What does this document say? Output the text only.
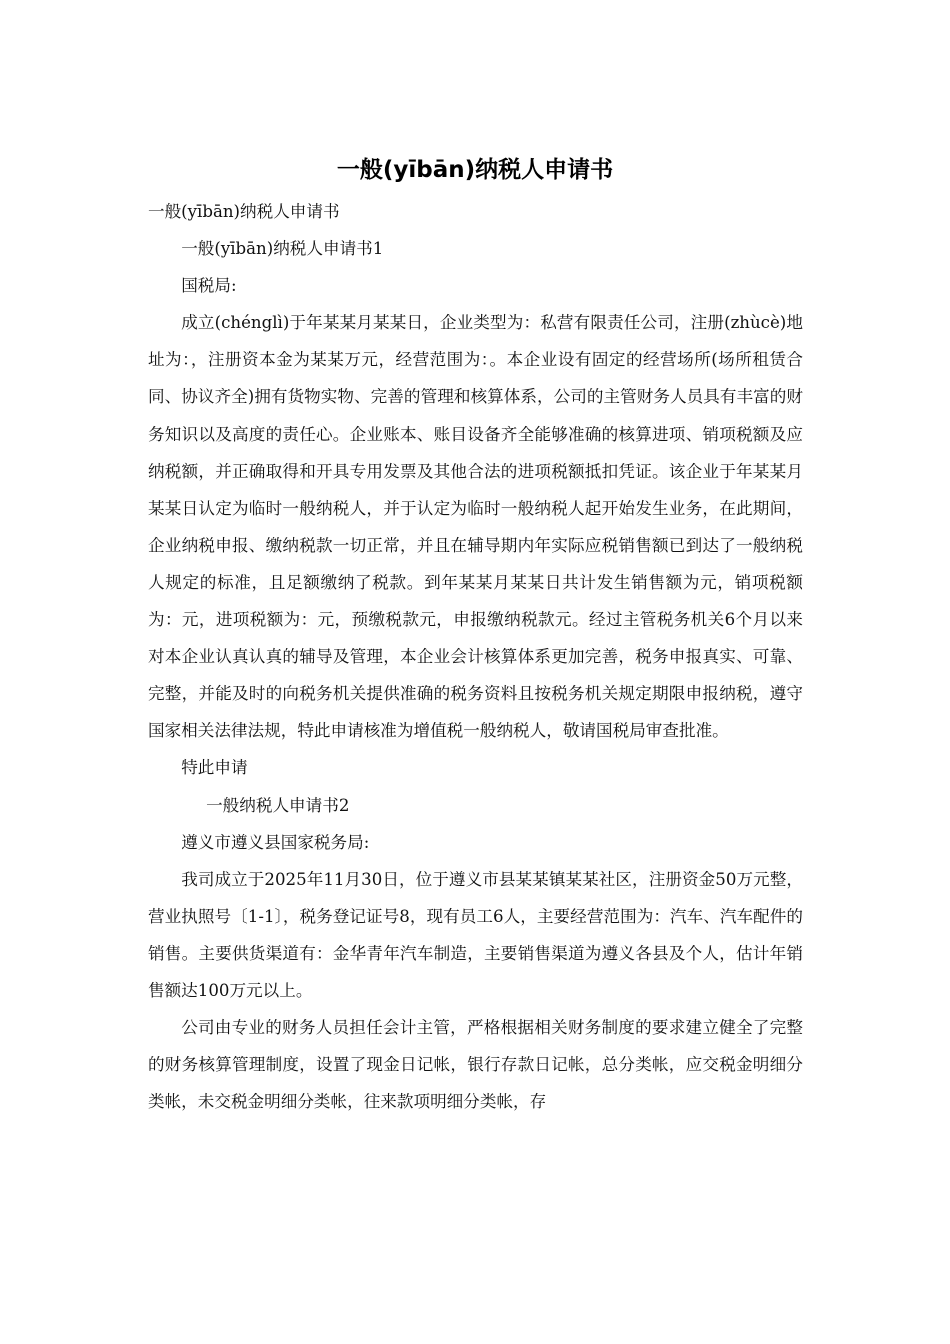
一般(yībān)纳税人申请书

一般(yībān)纳税人申请书

一般(yībān)纳税人申请书1

国税局:

成立(chénglì)于年某某月某某日，企业类型为：私营有限责任公司，注册(zhùcè)地址为：，注册资本金为某某万元，经营范围为：。本企业设有固定的经营场所(场所租赁合同、协议齐全)拥有货物实物、完善的管理和核算体系，公司的主管财务人员具有丰富的财务知识以及高度的责任心。企业账本、账目设备齐全能够准确的核算进项、销项税额及应纳税额，并正确取得和开具专用发票及其他合法的进项税额抵扣凭证。该企业于年某某月某某日认定为临时一般纳税人，并于认定为临时一般纳税人起开始发生业务，在此期间，企业纳税申报、缴纳税款一切正常，并且在辅导期内年实际应税销售额已到达了一般纳税人规定的标准，且足额缴纳了税款。到年某某月某某日共计发生销售额为元，销项税额为：元，进项税额为：元，预缴税款元，申报缴纳税款元。经过主管税务机关6个月以来对本企业认真认真的辅导及管理，本企业会计核算体系更加完善，税务申报真实、可靠、完整，并能及时的向税务机关提供准确的税务资料且按税务机关规定期限申报纳税，遵守国家相关法律法规，特此申请核准为增值税一般纳税人，敬请国税局审查批准。

特此申请

一般纳税人申请书2

遵义市遵义县国家税务局:

我司成立于2025年11月30日，位于遵义市县某某镇某某社区，注册资金50万元整，营业执照号〔1-1〕，税务登记证号8，现有员工6人，主要经营范围为：汽车、汽车配件的销售。主要供货渠道有：金华青年汽车制造，主要销售渠道为遵义各县及个人，估计年销售额达100万元以上。

公司由专业的财务人员担任会计主管，严格根据相关财务制度的要求建立健全了完整的财务核算管理制度，设置了现金日记帐，银行存款日记帐，总分类帐，应交税金明细分类帐，未交税金明细分类帐，往来款项明细分类帐，存
